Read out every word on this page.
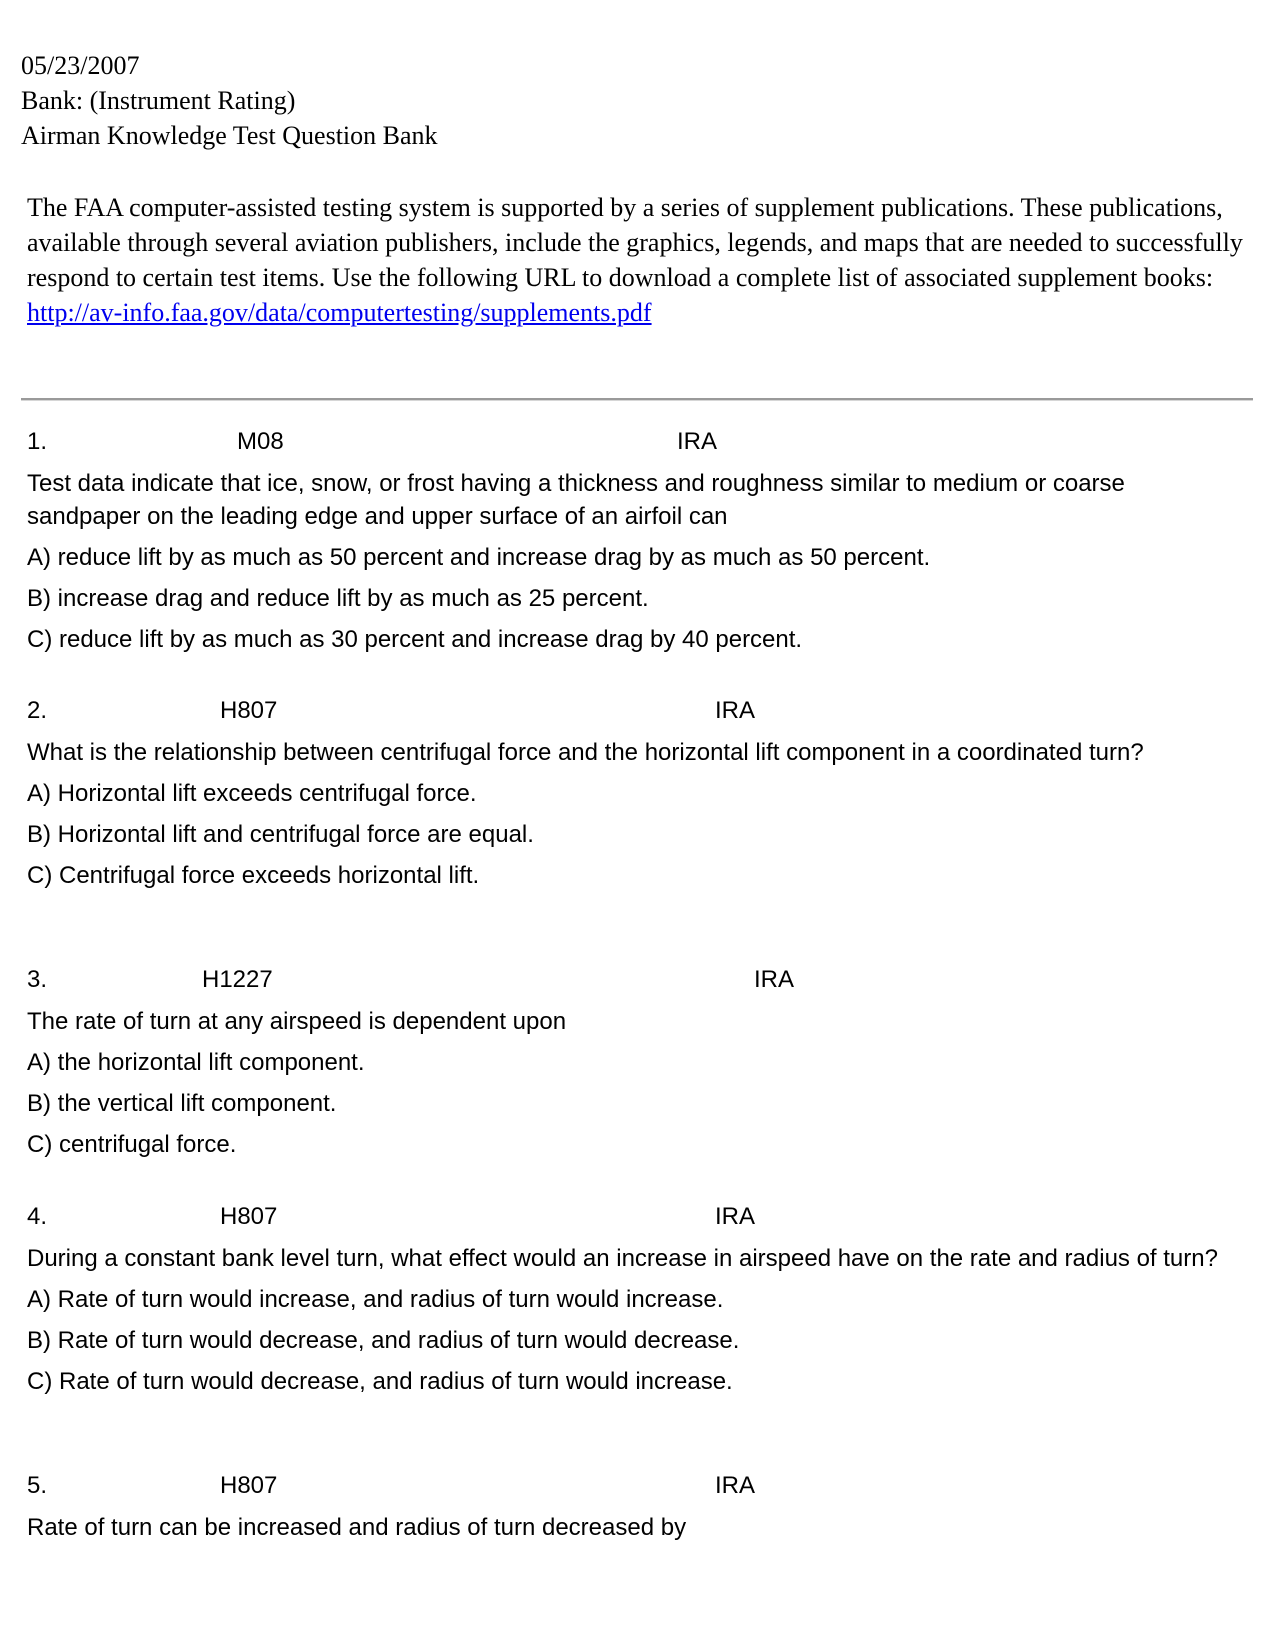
05/23/2007
Bank: (Instrument Rating)
Airman Knowledge Test Question Bank

The FAA computer-assisted testing system is supported by a series of supplement publications. These publications, available through several aviation publishers, include the graphics, legends, and maps that are needed to successfully respond to certain test items. Use the following URL to download a complete list of associated supplement books: http://av-info.faa.gov/data/computertesting/supplements.pdf

1.	M08	IRA
Test data indicate that ice, snow, or frost having a thickness and roughness similar to medium or coarse sandpaper on the leading edge and upper surface of an airfoil can
A) reduce lift by as much as 50 percent and increase drag by as much as 50 percent.
B) increase drag and reduce lift by as much as 25 percent.
C) reduce lift by as much as 30 percent and increase drag by 40 percent.
2.	H807	IRA
What is the relationship between centrifugal force and the horizontal lift component in a coordinated turn?
A) Horizontal lift exceeds centrifugal force.
B) Horizontal lift and centrifugal force are equal.
C) Centrifugal force exceeds horizontal lift.
3.	H1227	IRA
The rate of turn at any airspeed is dependent upon
A) the horizontal lift component.
B) the vertical lift component.
C) centrifugal force.
4.	H807	IRA
During a constant bank level turn, what effect would an increase in airspeed have on the rate and radius of turn?
A) Rate of turn would increase, and radius of turn would increase.
B) Rate of turn would decrease, and radius of turn would decrease.
C) Rate of turn would decrease, and radius of turn would increase.
5.	H807	IRA
Rate of turn can be increased and radius of turn decreased by
